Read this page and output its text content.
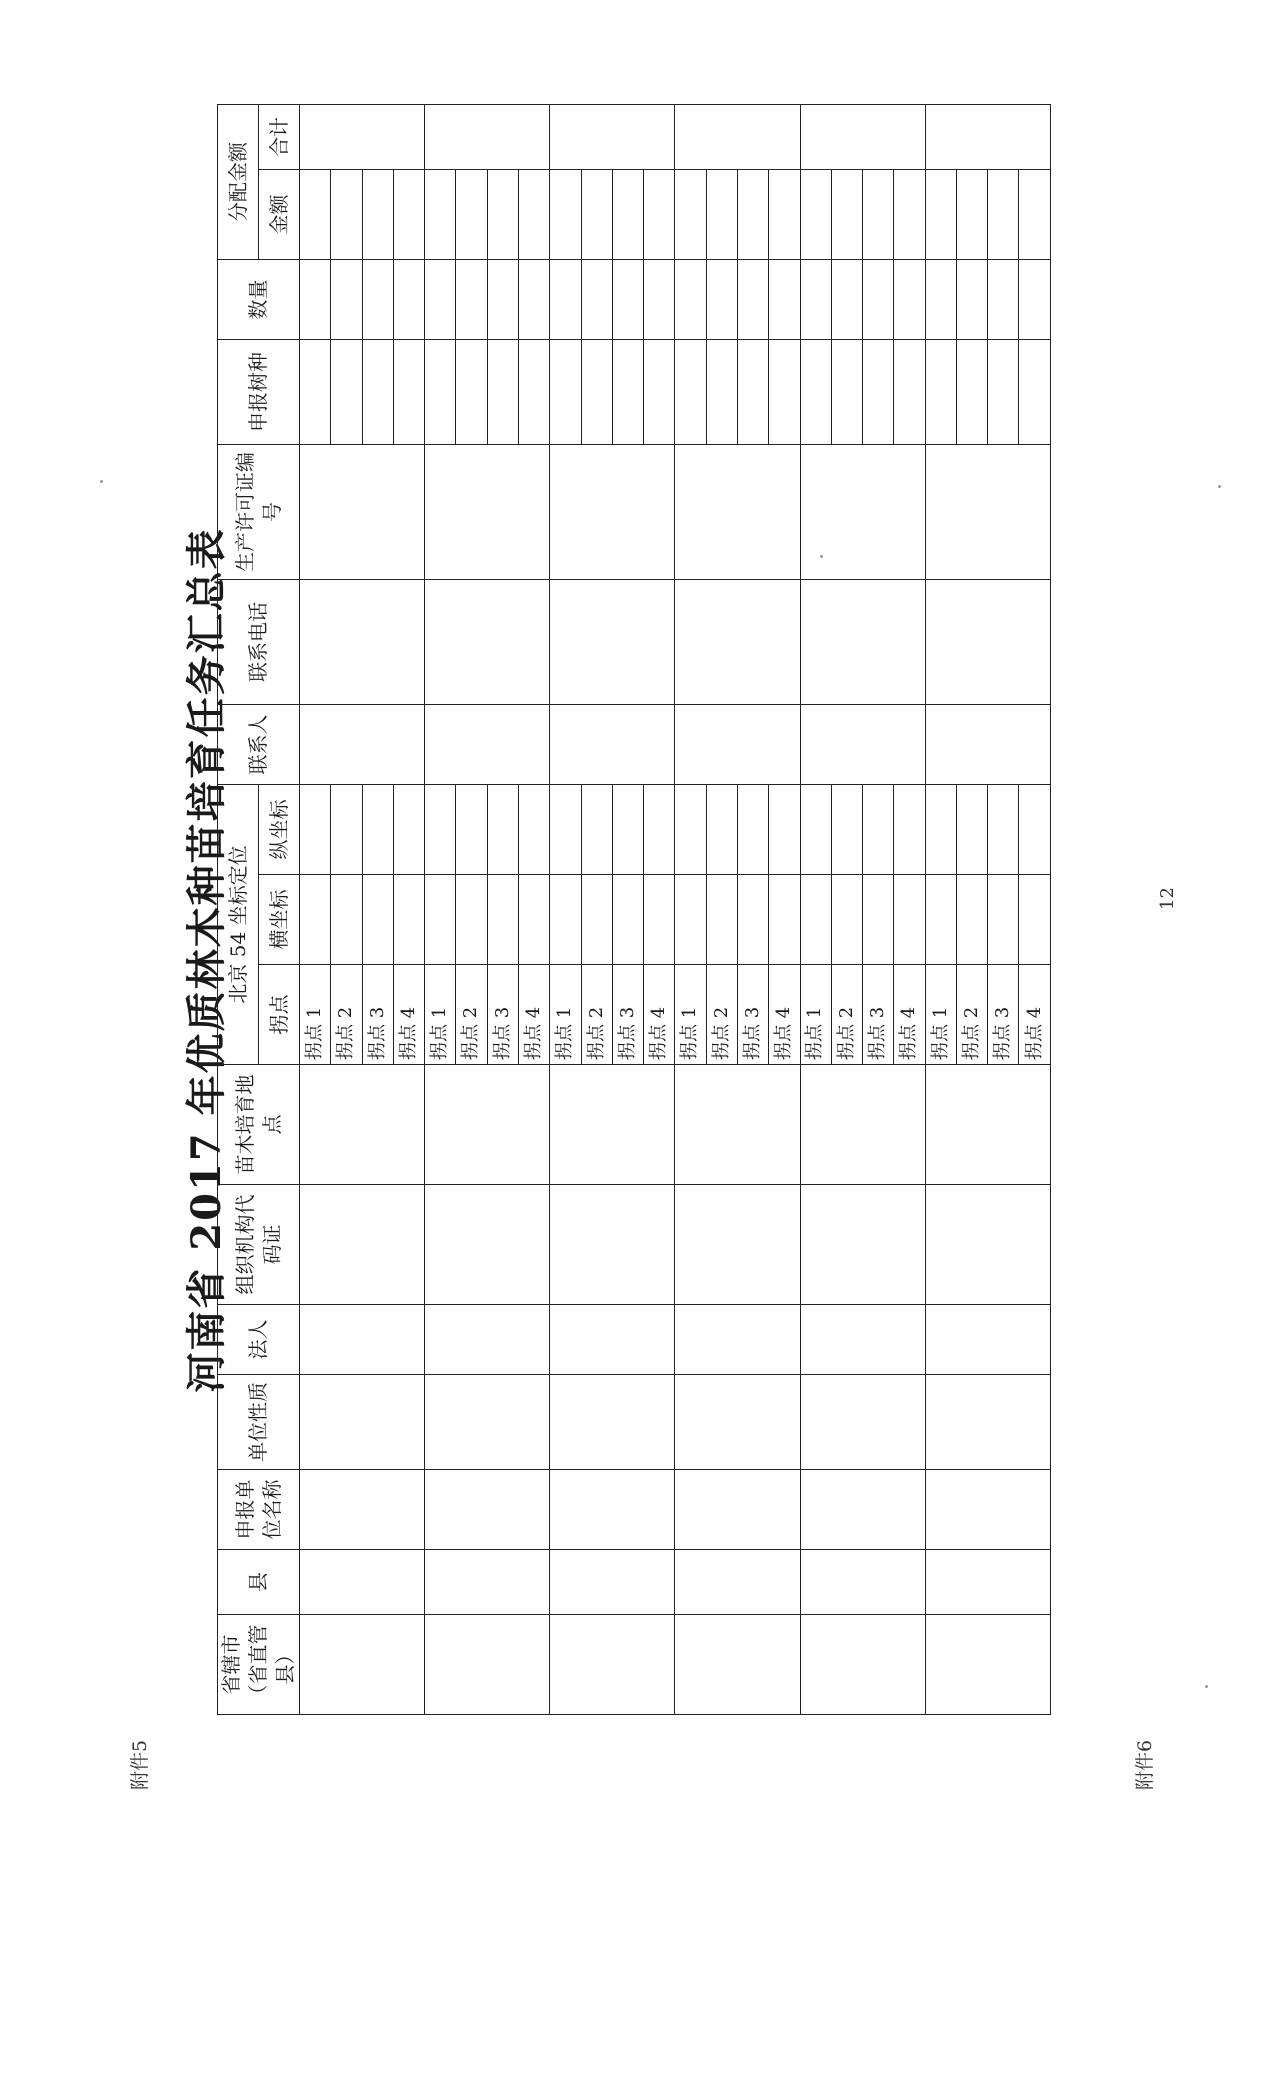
附件5	附件6
12
河南省 2017 年优质林木种苗培育任务汇总表
省辖市（省直管县）	县	申报单位名称	单位性质	法人	组织机构代码证	苗木培育地点	北京 54 坐标定位			联系人	联系电话	生产许可证编号	申报树种	数量	分配金额	
							拐点	横坐标	纵坐标						金额	合计
							拐点 1									
							拐点 2									
							拐点 3									
							拐点 4									
							拐点 1									
							拐点 2									
							拐点 3									
							拐点 4									
							拐点 1									
							拐点 2									
							拐点 3									
							拐点 4									
							拐点 1									
							拐点 2									
							拐点 3									
							拐点 4									
							拐点 1									
							拐点 2									
							拐点 3									
							拐点 4									
							拐点 1									
							拐点 2									
							拐点 3									
							拐点 4									
